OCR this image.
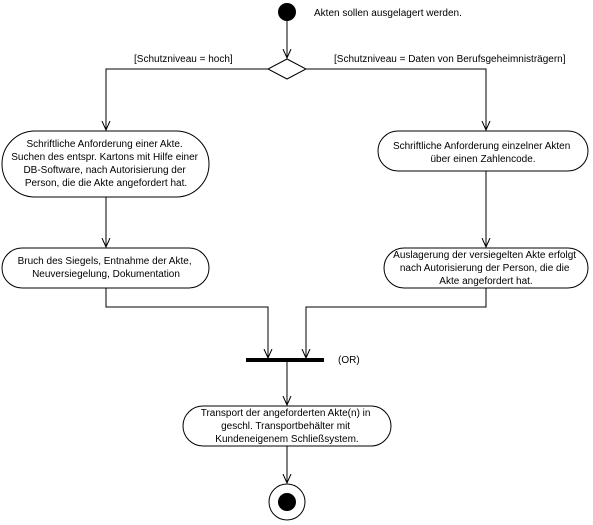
Akten sollen ausgelagert werden.
[Schutzniveau = hoch]	[Schutzniveau = Daten von Berufsgeheimnisträgern]
Schriftliche Anforderung einer Akte. Suchen des entspr. Kartons mit Hilfe einer DB-Software, nach Autorisierung der Person, die die Akte angefordert hat.
Schriftliche Anforderung einzelner Akten über einen Zahlencode.
Bruch des Siegels, Entnahme der Akte, Neuversiegelung, Dokumentation
Auslagerung der versiegelten Akte erfolgt nach Autorisierung der Person, die die Akte angefordert hat.
(OR)
Transport der angeforderten Akte(n) in geschl. Transportbehälter mit Kundeneigenem Schließsystem.
